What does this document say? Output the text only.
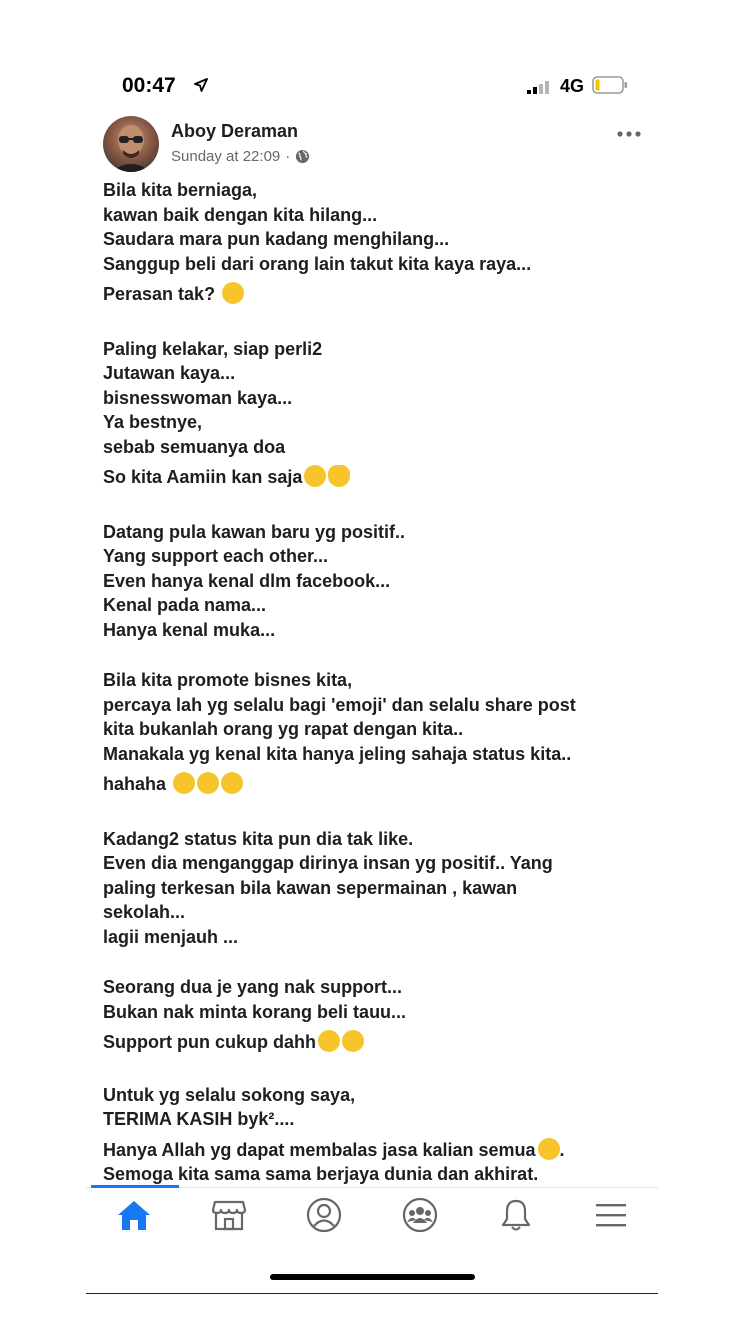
00:47	4G
Aboy Deraman
Sunday at 22:09 ·
Bila kita berniaga,
kawan baik dengan kita hilang...
Saudara mara pun kadang menghilang...
Sanggup beli dari orang lain takut kita kaya raya...
Perasan tak?
Paling kelakar, siap perli2
Jutawan kaya...
bisnesswoman kaya...
Ya bestnye,
sebab semuanya doa
So kita Aamiin kan saja
Datang pula kawan baru yg positif..
Yang support each other...
Even hanya kenal dlm facebook...
Kenal pada nama...
Hanya kenal muka...
Bila kita promote bisnes kita,
percaya lah yg selalu bagi 'emoji' dan selalu share post
kita bukanlah orang yg rapat dengan kita..
Manakala yg kenal kita hanya jeling sahaja status kita..
hahaha
Kadang2 status kita pun dia tak like.
Even dia menganggap dirinya insan yg positif.. Yang
paling terkesan bila kawan sepermainan , kawan
sekolah...
lagii menjauh ...
Seorang dua je yang nak support...
Bukan nak minta korang beli tauu...
Support pun cukup dahh
Untuk yg selalu sokong saya,
TERIMA KASIH byk²....
Hanya Allah yg dapat membalas jasa kalian semua .
Semoga kita sama sama berjaya dunia dan akhirat.
